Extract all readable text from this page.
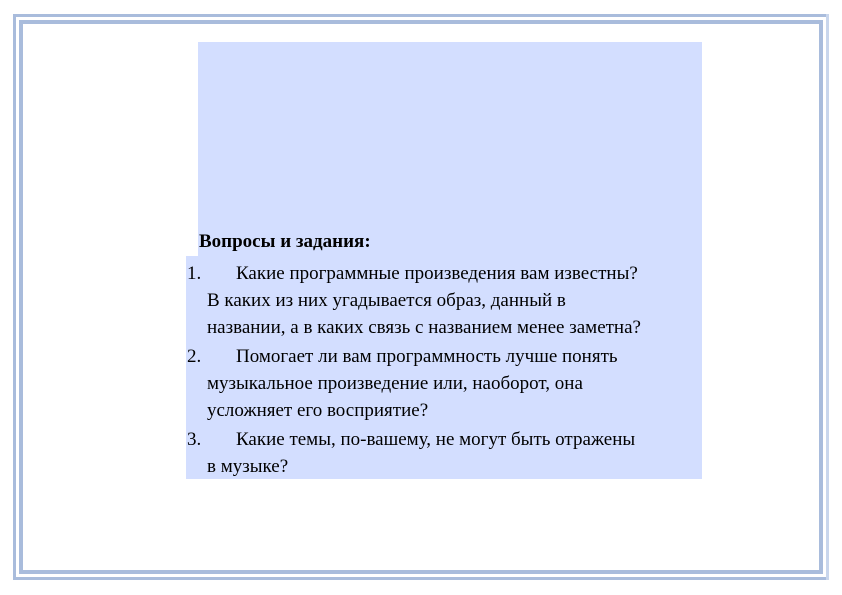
Вопросы и задания:
1. Какие программные произведения вам известны?
В каких из них угадывается образ, данный в
названии, а в каких связь с названием менее заметна?
2. Помогает ли вам программность лучше понять
музыкальное произведение или, наоборот, она
усложняет его восприятие?
3. Какие темы, по-вашему, не могут быть отражены
в музыке?
